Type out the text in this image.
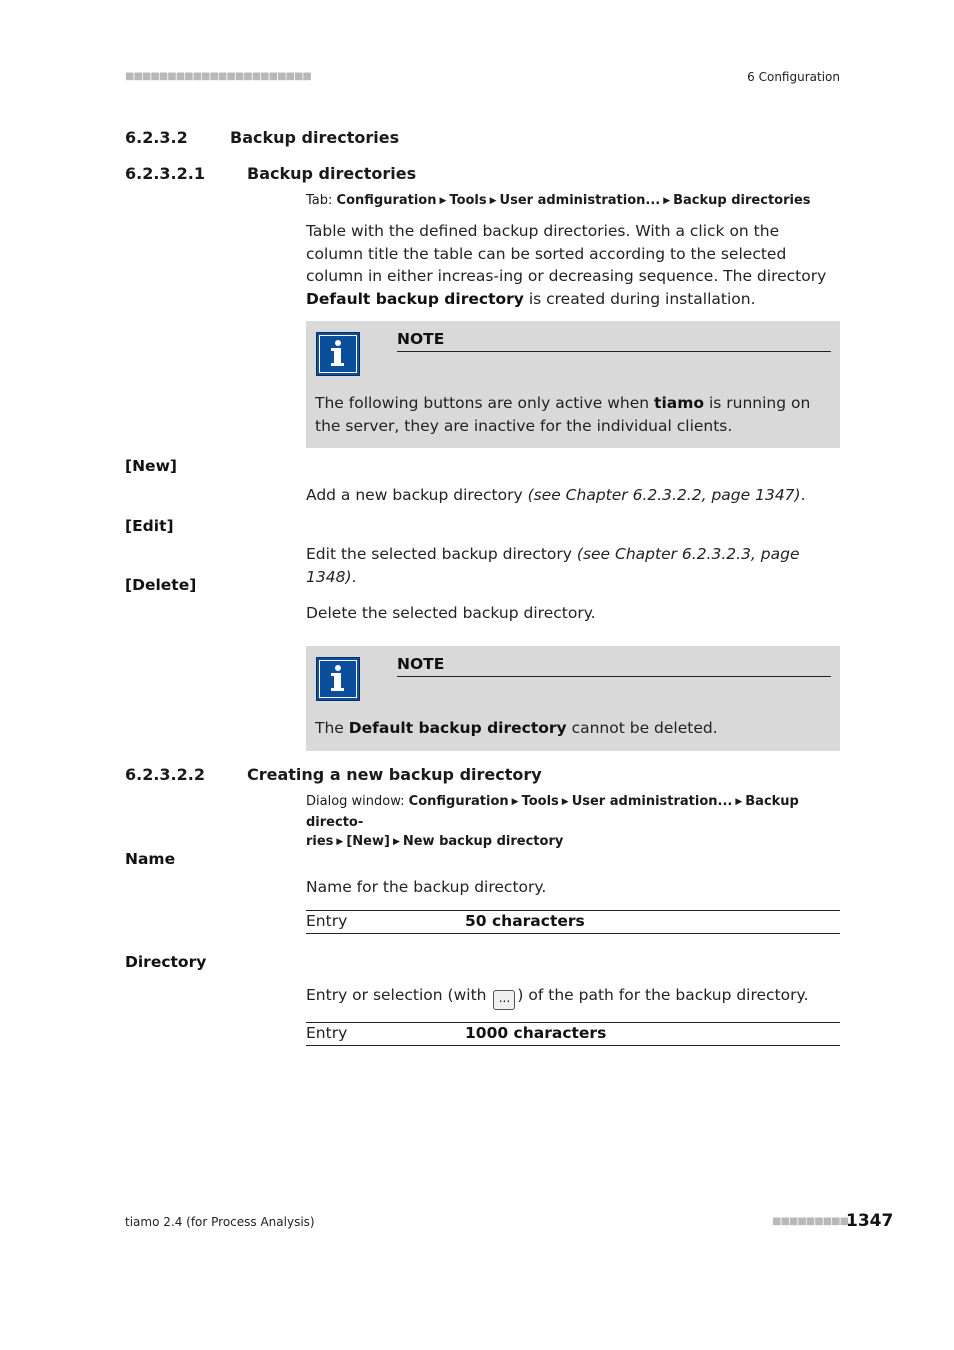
■■■■■■■■■■■■■■■■■■■■■■	6 Configuration
6.2.3.2	Backup directories
6.2.3.2.1	Backup directories
Tab: Configuration ▶ Tools ▶ User administration... ▶ Backup directories
Table with the defined backup directories. With a click on the column title the table can be sorted according to the selected column in either increas-ing or decreasing sequence. The directory Default backup directory is created during installation.
NOTE
The following buttons are only active when tiamo is running on the server, they are inactive for the individual clients.
[New]
Add a new backup directory (see Chapter 6.2.3.2.2, page 1347).
[Edit]
Edit the selected backup directory (see Chapter 6.2.3.2.3, page 1348).
[Delete]
Delete the selected backup directory.
NOTE
The Default backup directory cannot be deleted.
6.2.3.2.2	Creating a new backup directory
Dialog window: Configuration ▶ Tools ▶ User administration... ▶ Backup directo-
ries ▶ [New] ▶ New backup directory
Name
Name for the backup directory.
Entry	50 characters
Directory
Entry or selection (with ... ) of the path for the backup directory.
Entry	1000 characters
tiamo 2.4 (for Process Analysis)	■■■■■■■■■
1347
